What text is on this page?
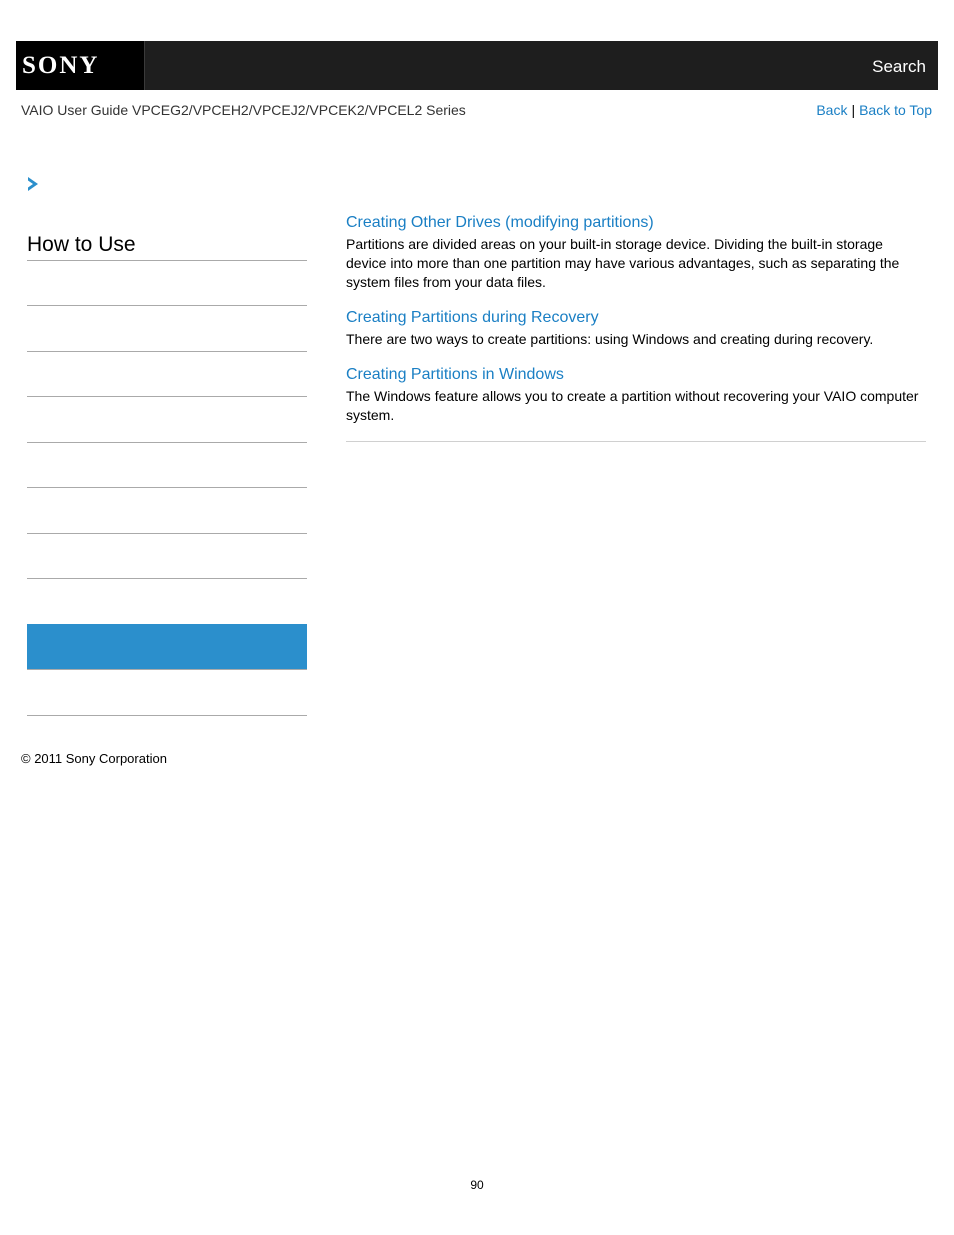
SONY	Search
VAIO User Guide VPCEG2/VPCEH2/VPCEJ2/VPCEK2/VPCEL2 Series	Back | Back to Top
How to Use
Creating Other Drives (modifying partitions)

Partitions are divided areas on your built-in storage device. Dividing the built-in storage device into more than one partition may have various advantages, such as separating the system files from your data files.

Creating Partitions during Recovery

There are two ways to create partitions: using Windows and creating during recovery.

Creating Partitions in Windows

The Windows feature allows you to create a partition without recovering your VAIO computer system.

© 2011 Sony Corporation
90
